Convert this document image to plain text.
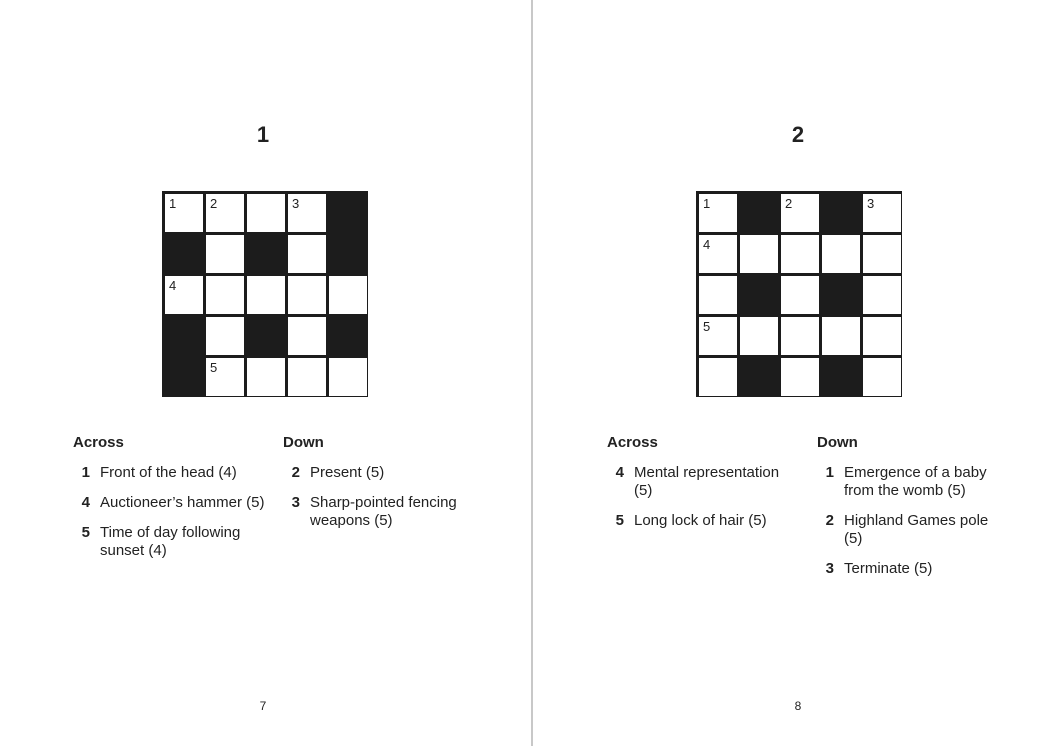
1
1	2	3
4
5
Across
1 Front of the head (4)
4 Auctioneer’s hammer (5)
5 Time of day following sunset (4)
Down
2 Present (5)
3 Sharp-pointed fencing weapons (5)
7
2
1	2	3
4
5
Across
4 Mental representation (5)
5 Long lock of hair (5)
Down
1 Emergence of a baby from the womb (5)
2 Highland Games pole (5)
3 Terminate (5)
8
